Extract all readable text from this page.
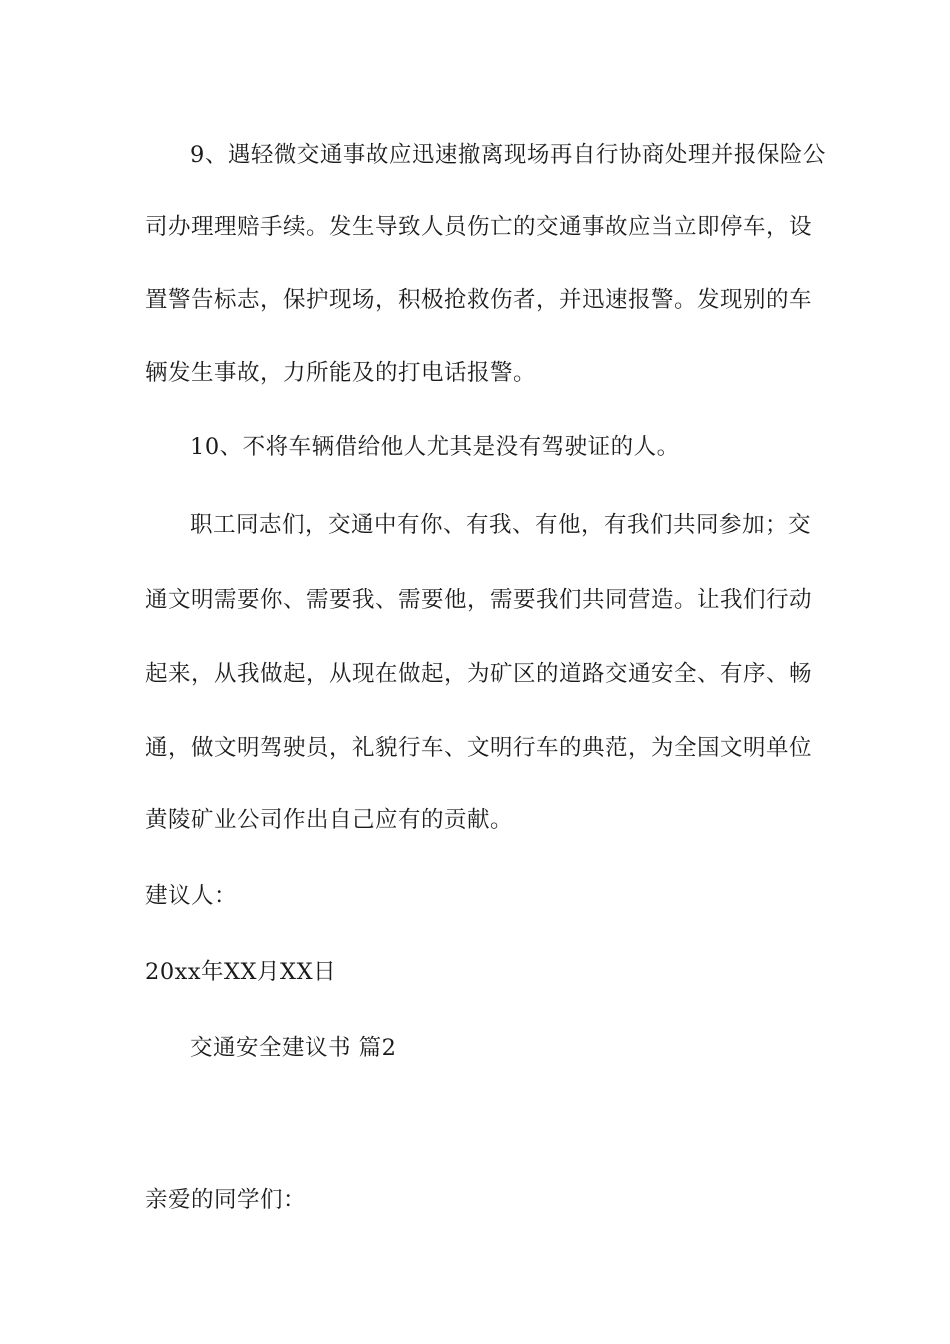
9、遇轻微交通事故应迅速撤离现场再自行协商处理并报保险公
司办理理赔手续。发生导致人员伤亡的交通事故应当立即停车，设
置警告标志，保护现场，积极抢救伤者，并迅速报警。发现别的车
辆发生事故，力所能及的打电话报警。
10、不将车辆借给他人尤其是没有驾驶证的人。
职工同志们，交通中有你、有我、有他，有我们共同参加；交
通文明需要你、需要我、需要他，需要我们共同营造。让我们行动
起来，从我做起，从现在做起，为矿区的道路交通安全、有序、畅
通，做文明驾驶员，礼貌行车、文明行车的典范，为全国文明单位
黄陵矿业公司作出自己应有的贡献。
建议人：
20xx年XX月XX日
交通安全建议书 篇2
亲爱的同学们：
